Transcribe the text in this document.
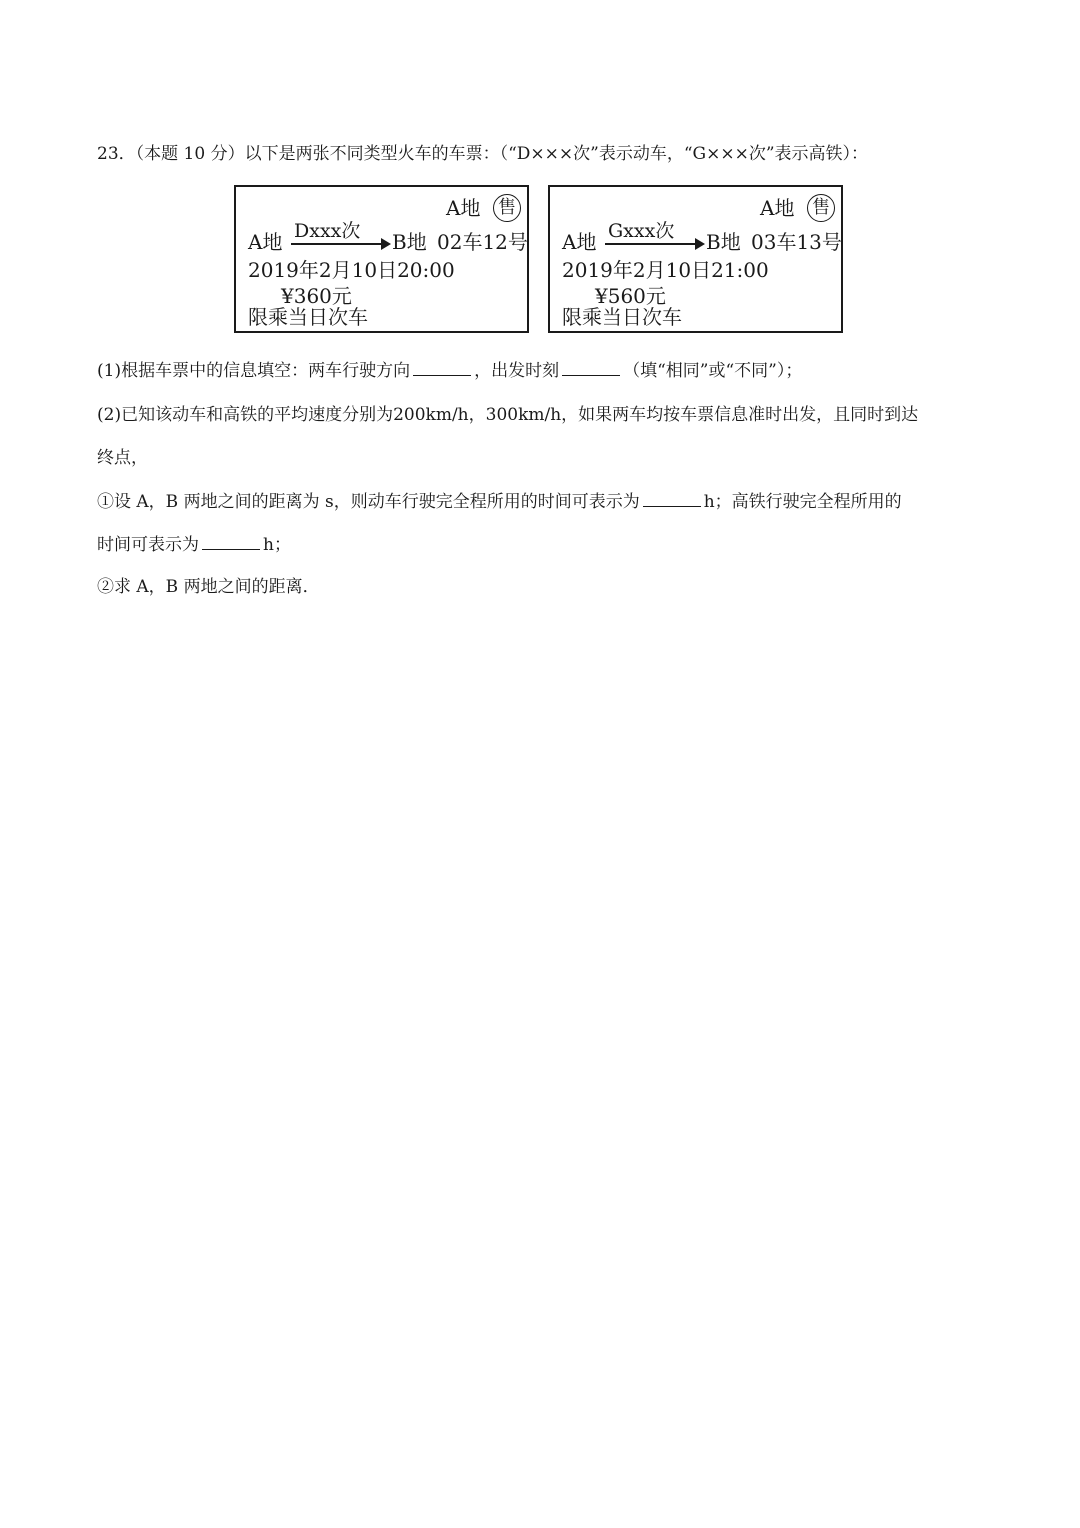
23．（本题 10 分）以下是两张不同类型火车的车票：（“D×××次”表示动车，“G×××次”表示高铁）：
A地 售
A地 Dxxx次 B地 02车12号
2019年2月10日20:00
¥360元
限乘当日次车
A地 售
A地 Gxxx次 B地 03车13号
2019年2月10日21:00
¥560元
限乘当日次车
(1)根据车票中的信息填空：两车行驶方向	，出发时刻	（填“相同”或“不同”）；
(2)已知该动车和高铁的平均速度分别为200km/h，300km/h，如果两车均按车票信息准时出发，且同时到达
终点，
①设 A，B 两地之间的距离为 s，则动车行驶完全程所用的时间可表示为	h；高铁行驶完全程所用的
时间可表示为	h；
②求 A，B 两地之间的距离．
